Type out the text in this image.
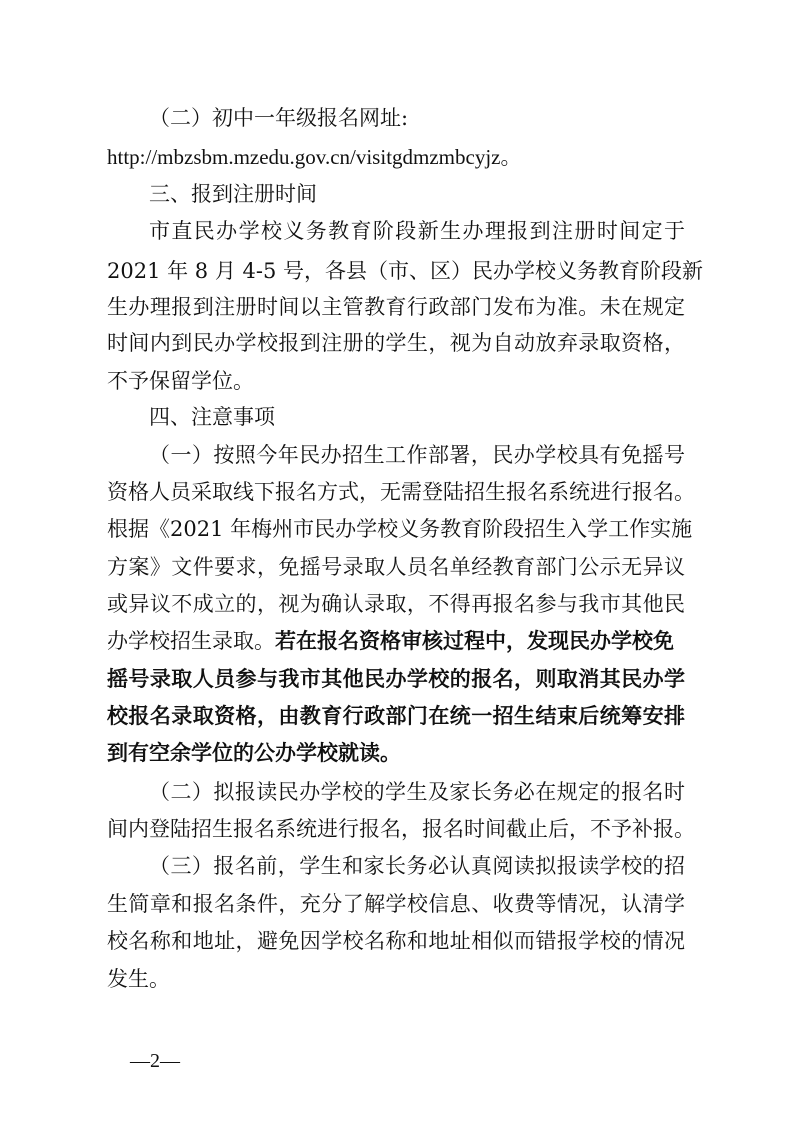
（二）初中一年级报名网址:
http://mbzsbm.mzedu.gov.cn/visitgdmzmbcyjz。
三、报到注册时间
市直民办学校义务教育阶段新生办理报到注册时间定于
2021 年 8 月 4-5 号，各县（市、区）民办学校义务教育阶段新
生办理报到注册时间以主管教育行政部门发布为准。未在规定
时间内到民办学校报到注册的学生，视为自动放弃录取资格，
不予保留学位。
四、注意事项
（一）按照今年民办招生工作部署，民办学校具有免摇号
资格人员采取线下报名方式，无需登陆招生报名系统进行报名。
根据《2021 年梅州市民办学校义务教育阶段招生入学工作实施
方案》文件要求，免摇号录取人员名单经教育部门公示无异议
或异议不成立的，视为确认录取，不得再报名参与我市其他民
办学校招生录取。若在报名资格审核过程中，发现民办学校免
摇号录取人员参与我市其他民办学校的报名，则取消其民办学
校报名录取资格，由教育行政部门在统一招生结束后统筹安排
到有空余学位的公办学校就读。
（二）拟报读民办学校的学生及家长务必在规定的报名时
间内登陆招生报名系统进行报名，报名时间截止后，不予补报。
（三）报名前，学生和家长务必认真阅读拟报读学校的招
生简章和报名条件，充分了解学校信息、收费等情况，认清学
校名称和地址，避免因学校名称和地址相似而错报学校的情况
发生。
—2—
